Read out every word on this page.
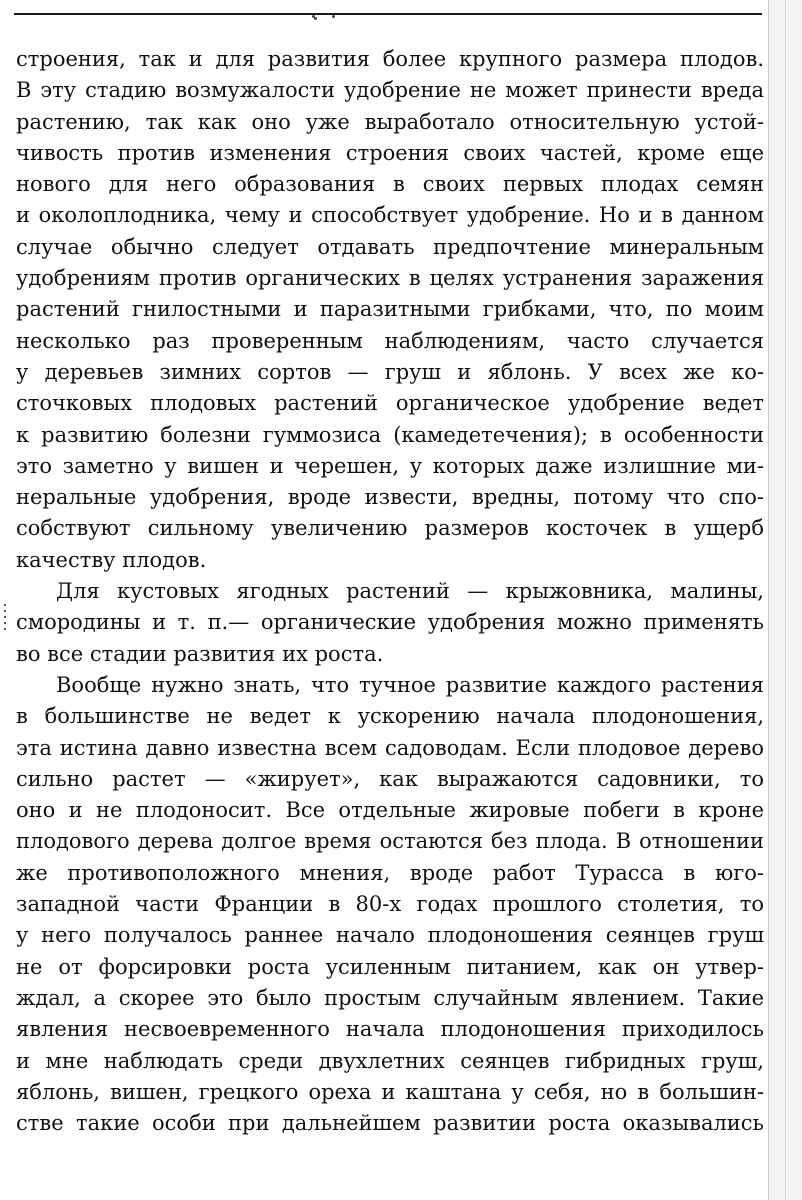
строения, так и для развития более крупного размера плодов.
В эту стадию возмужалости удобрение не может принести вреда
растению, так как оно уже выработало относительную устой-
чивость против изменения строения своих частей, кроме еще
нового для него образования в своих первых плодах семян
и околоплодника, чему и способствует удобрение. Но и в данном
случае обычно следует отдавать предпочтение минеральным
удобрениям против органических в целях устранения заражения
растений гнилостными и паразитными грибками, что, по моим
несколько раз проверенным наблюдениям, часто случается
у деревьев зимних сортов — груш и яблонь. У всех же ко-
сточковых плодовых растений органическое удобрение ведет
к развитию болезни гуммозиса (камедетечения); в особенности
это заметно у вишен и черешен, у которых даже излишние ми-
неральные удобрения, вроде извести, вредны, потому что спо-
собствуют сильному увеличению размеров косточек в ущерб
качеству плодов.
Для кустовых ягодных растений — крыжовника, малины,
смородины и т. п.— органические удобрения можно применять
во все стадии развития их роста.
Вообще нужно знать, что тучное развитие каждого растения
в большинстве не ведет к ускорению начала плодоношения,
эта истина давно известна всем садоводам. Если плодовое дерево
сильно растет — «жирует», как выражаются садовники, то
оно и не плодоносит. Все отдельные жировые побеги в кроне
плодового дерева долгое время остаются без плода. В отношении
же противоположного мнения, вроде работ Турасса в юго-
западной части Франции в 80-х годах прошлого столетия, то
у него получалось раннее начало плодоношения сеянцев груш
не от форсировки роста усиленным питанием, как он утвер-
ждал, а скорее это было простым случайным явлением. Такие
явления несвоевременного начала плодоношения приходилось
и мне наблюдать среди двухлетних сеянцев гибридных груш,
яблонь, вишен, грецкого ореха и каштана у себя, но в большин-
стве такие особи при дальнейшем развитии роста оказывались
